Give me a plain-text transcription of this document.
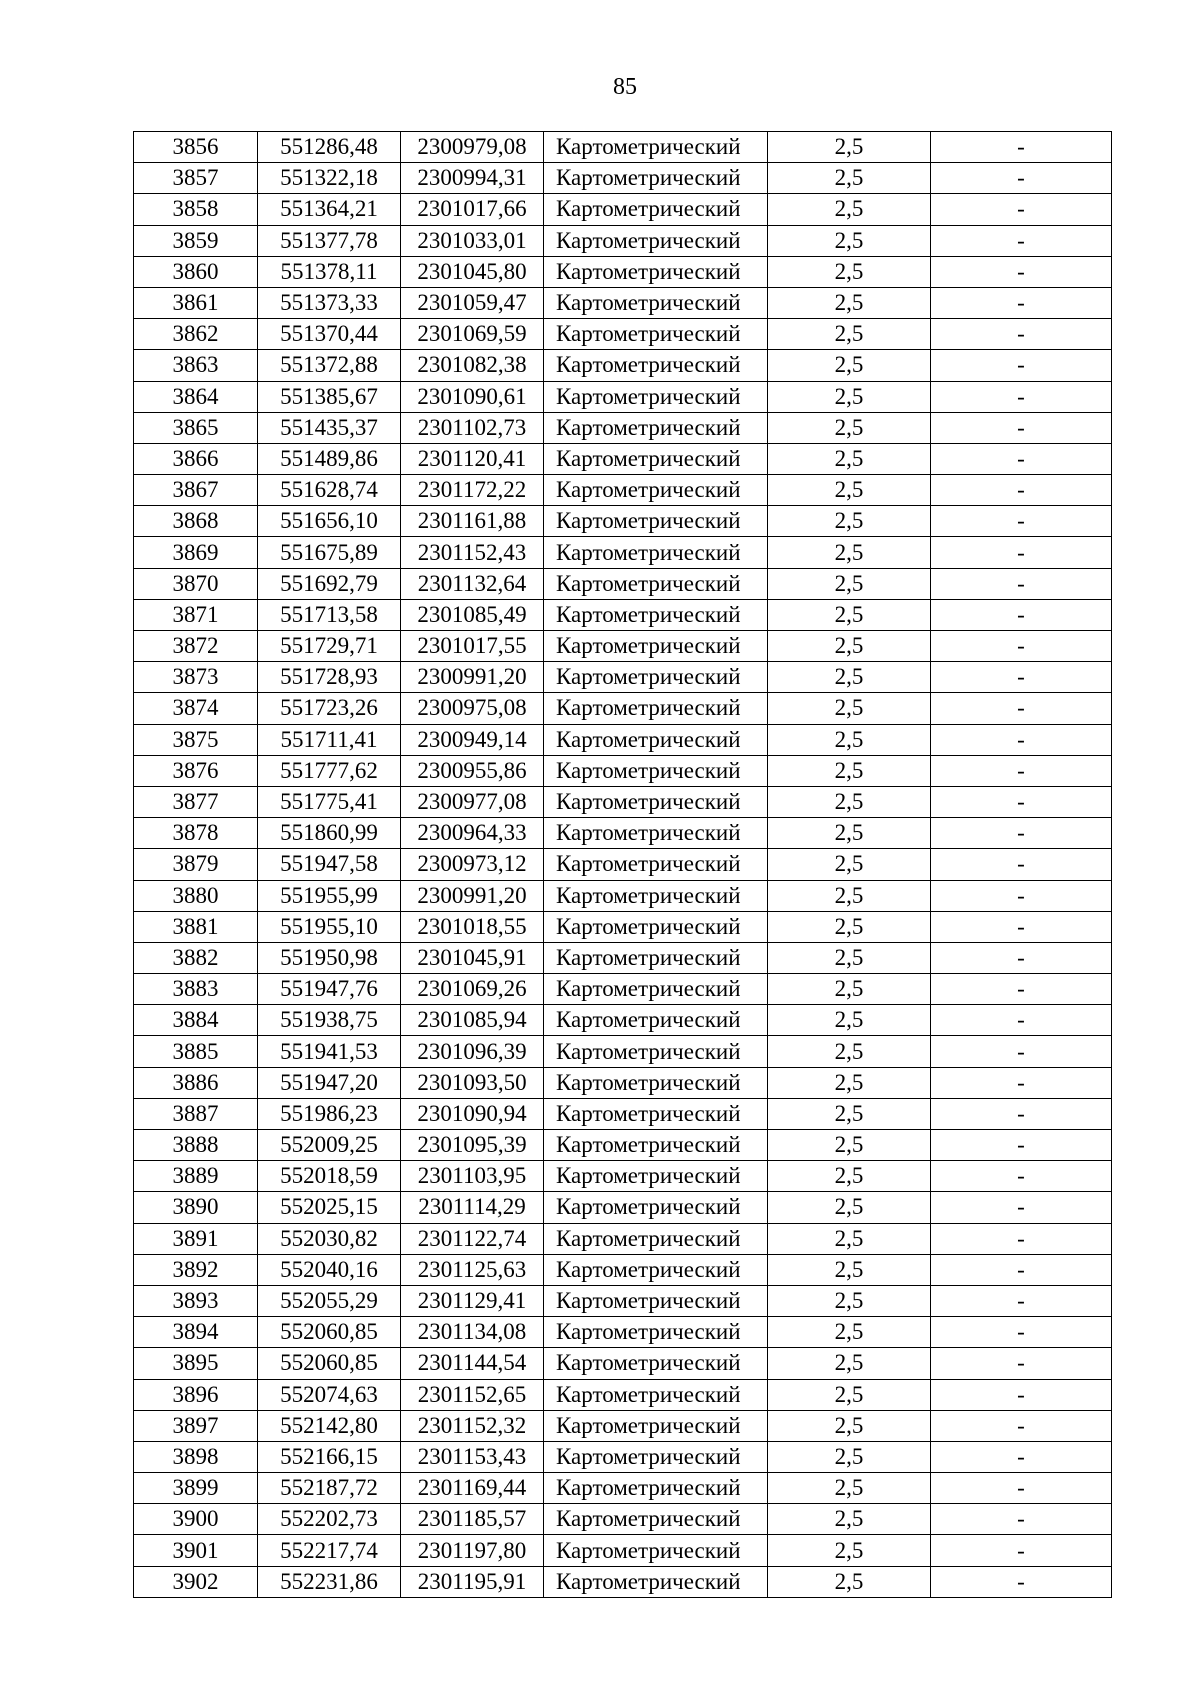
85
3856	551286,48	2300979,08	Картометрический	2,5	-
3857	551322,18	2300994,31	Картометрический	2,5	-
3858	551364,21	2301017,66	Картометрический	2,5	-
3859	551377,78	2301033,01	Картометрический	2,5	-
3860	551378,11	2301045,80	Картометрический	2,5	-
3861	551373,33	2301059,47	Картометрический	2,5	-
3862	551370,44	2301069,59	Картометрический	2,5	-
3863	551372,88	2301082,38	Картометрический	2,5	-
3864	551385,67	2301090,61	Картометрический	2,5	-
3865	551435,37	2301102,73	Картометрический	2,5	-
3866	551489,86	2301120,41	Картометрический	2,5	-
3867	551628,74	2301172,22	Картометрический	2,5	-
3868	551656,10	2301161,88	Картометрический	2,5	-
3869	551675,89	2301152,43	Картометрический	2,5	-
3870	551692,79	2301132,64	Картометрический	2,5	-
3871	551713,58	2301085,49	Картометрический	2,5	-
3872	551729,71	2301017,55	Картометрический	2,5	-
3873	551728,93	2300991,20	Картометрический	2,5	-
3874	551723,26	2300975,08	Картометрический	2,5	-
3875	551711,41	2300949,14	Картометрический	2,5	-
3876	551777,62	2300955,86	Картометрический	2,5	-
3877	551775,41	2300977,08	Картометрический	2,5	-
3878	551860,99	2300964,33	Картометрический	2,5	-
3879	551947,58	2300973,12	Картометрический	2,5	-
3880	551955,99	2300991,20	Картометрический	2,5	-
3881	551955,10	2301018,55	Картометрический	2,5	-
3882	551950,98	2301045,91	Картометрический	2,5	-
3883	551947,76	2301069,26	Картометрический	2,5	-
3884	551938,75	2301085,94	Картометрический	2,5	-
3885	551941,53	2301096,39	Картометрический	2,5	-
3886	551947,20	2301093,50	Картометрический	2,5	-
3887	551986,23	2301090,94	Картометрический	2,5	-
3888	552009,25	2301095,39	Картометрический	2,5	-
3889	552018,59	2301103,95	Картометрический	2,5	-
3890	552025,15	2301114,29	Картометрический	2,5	-
3891	552030,82	2301122,74	Картометрический	2,5	-
3892	552040,16	2301125,63	Картометрический	2,5	-
3893	552055,29	2301129,41	Картометрический	2,5	-
3894	552060,85	2301134,08	Картометрический	2,5	-
3895	552060,85	2301144,54	Картометрический	2,5	-
3896	552074,63	2301152,65	Картометрический	2,5	-
3897	552142,80	2301152,32	Картометрический	2,5	-
3898	552166,15	2301153,43	Картометрический	2,5	-
3899	552187,72	2301169,44	Картометрический	2,5	-
3900	552202,73	2301185,57	Картометрический	2,5	-
3901	552217,74	2301197,80	Картометрический	2,5	-
3902	552231,86	2301195,91	Картометрический	2,5	-
